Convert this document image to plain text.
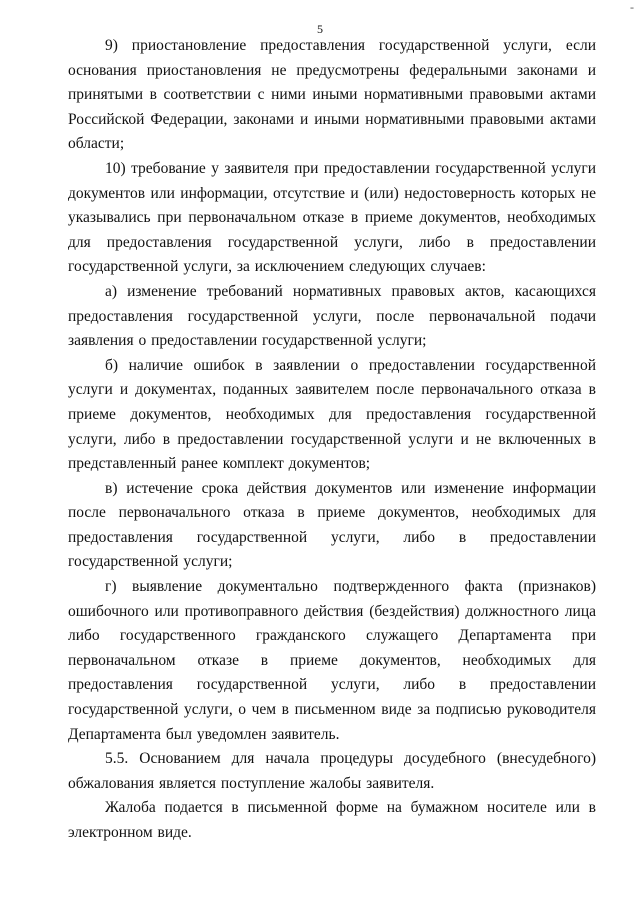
-
5

9) приостановление предоставления государственной услуги, если основания приостановления не предусмотрены федеральными законами и принятыми в соответствии с ними иными нормативными правовыми актами Российской Федерации, законами и иными нормативными правовыми актами области;

10) требование у заявителя при предоставлении государственной услуги документов или информации, отсутствие и (или) недостоверность которых не указывались при первоначальном отказе в приеме документов, необходимых для предоставления государственной услуги, либо в предоставлении государственной услуги, за исключением следующих случаев:

а) изменение требований нормативных правовых актов, касающихся предоставления государственной услуги, после первоначальной подачи заявления о предоставлении государственной услуги;

б) наличие ошибок в заявлении о предоставлении государственной услуги и документах, поданных заявителем после первоначального отказа в приеме документов, необходимых для предоставления государственной услуги, либо в предоставлении государственной услуги и не включенных в представленный ранее комплект документов;

в) истечение срока действия документов или изменение информации после первоначального отказа в приеме документов, необходимых для предоставления государственной услуги, либо в предоставлении государственной услуги;

г) выявление документально подтвержденного факта (признаков) ошибочного или противоправного действия (бездействия) должностного лица либо государственного гражданского служащего Департамента при первоначальном отказе в приеме документов, необходимых для предоставления государственной услуги, либо в предоставлении государственной услуги, о чем в письменном виде за подписью руководителя Департамента был уведомлен заявитель.

5.5. Основанием для начала процедуры досудебного (внесудебного) обжалования является поступление жалобы заявителя.

Жалоба подается в письменной форме на бумажном носителе или в электронном виде.
